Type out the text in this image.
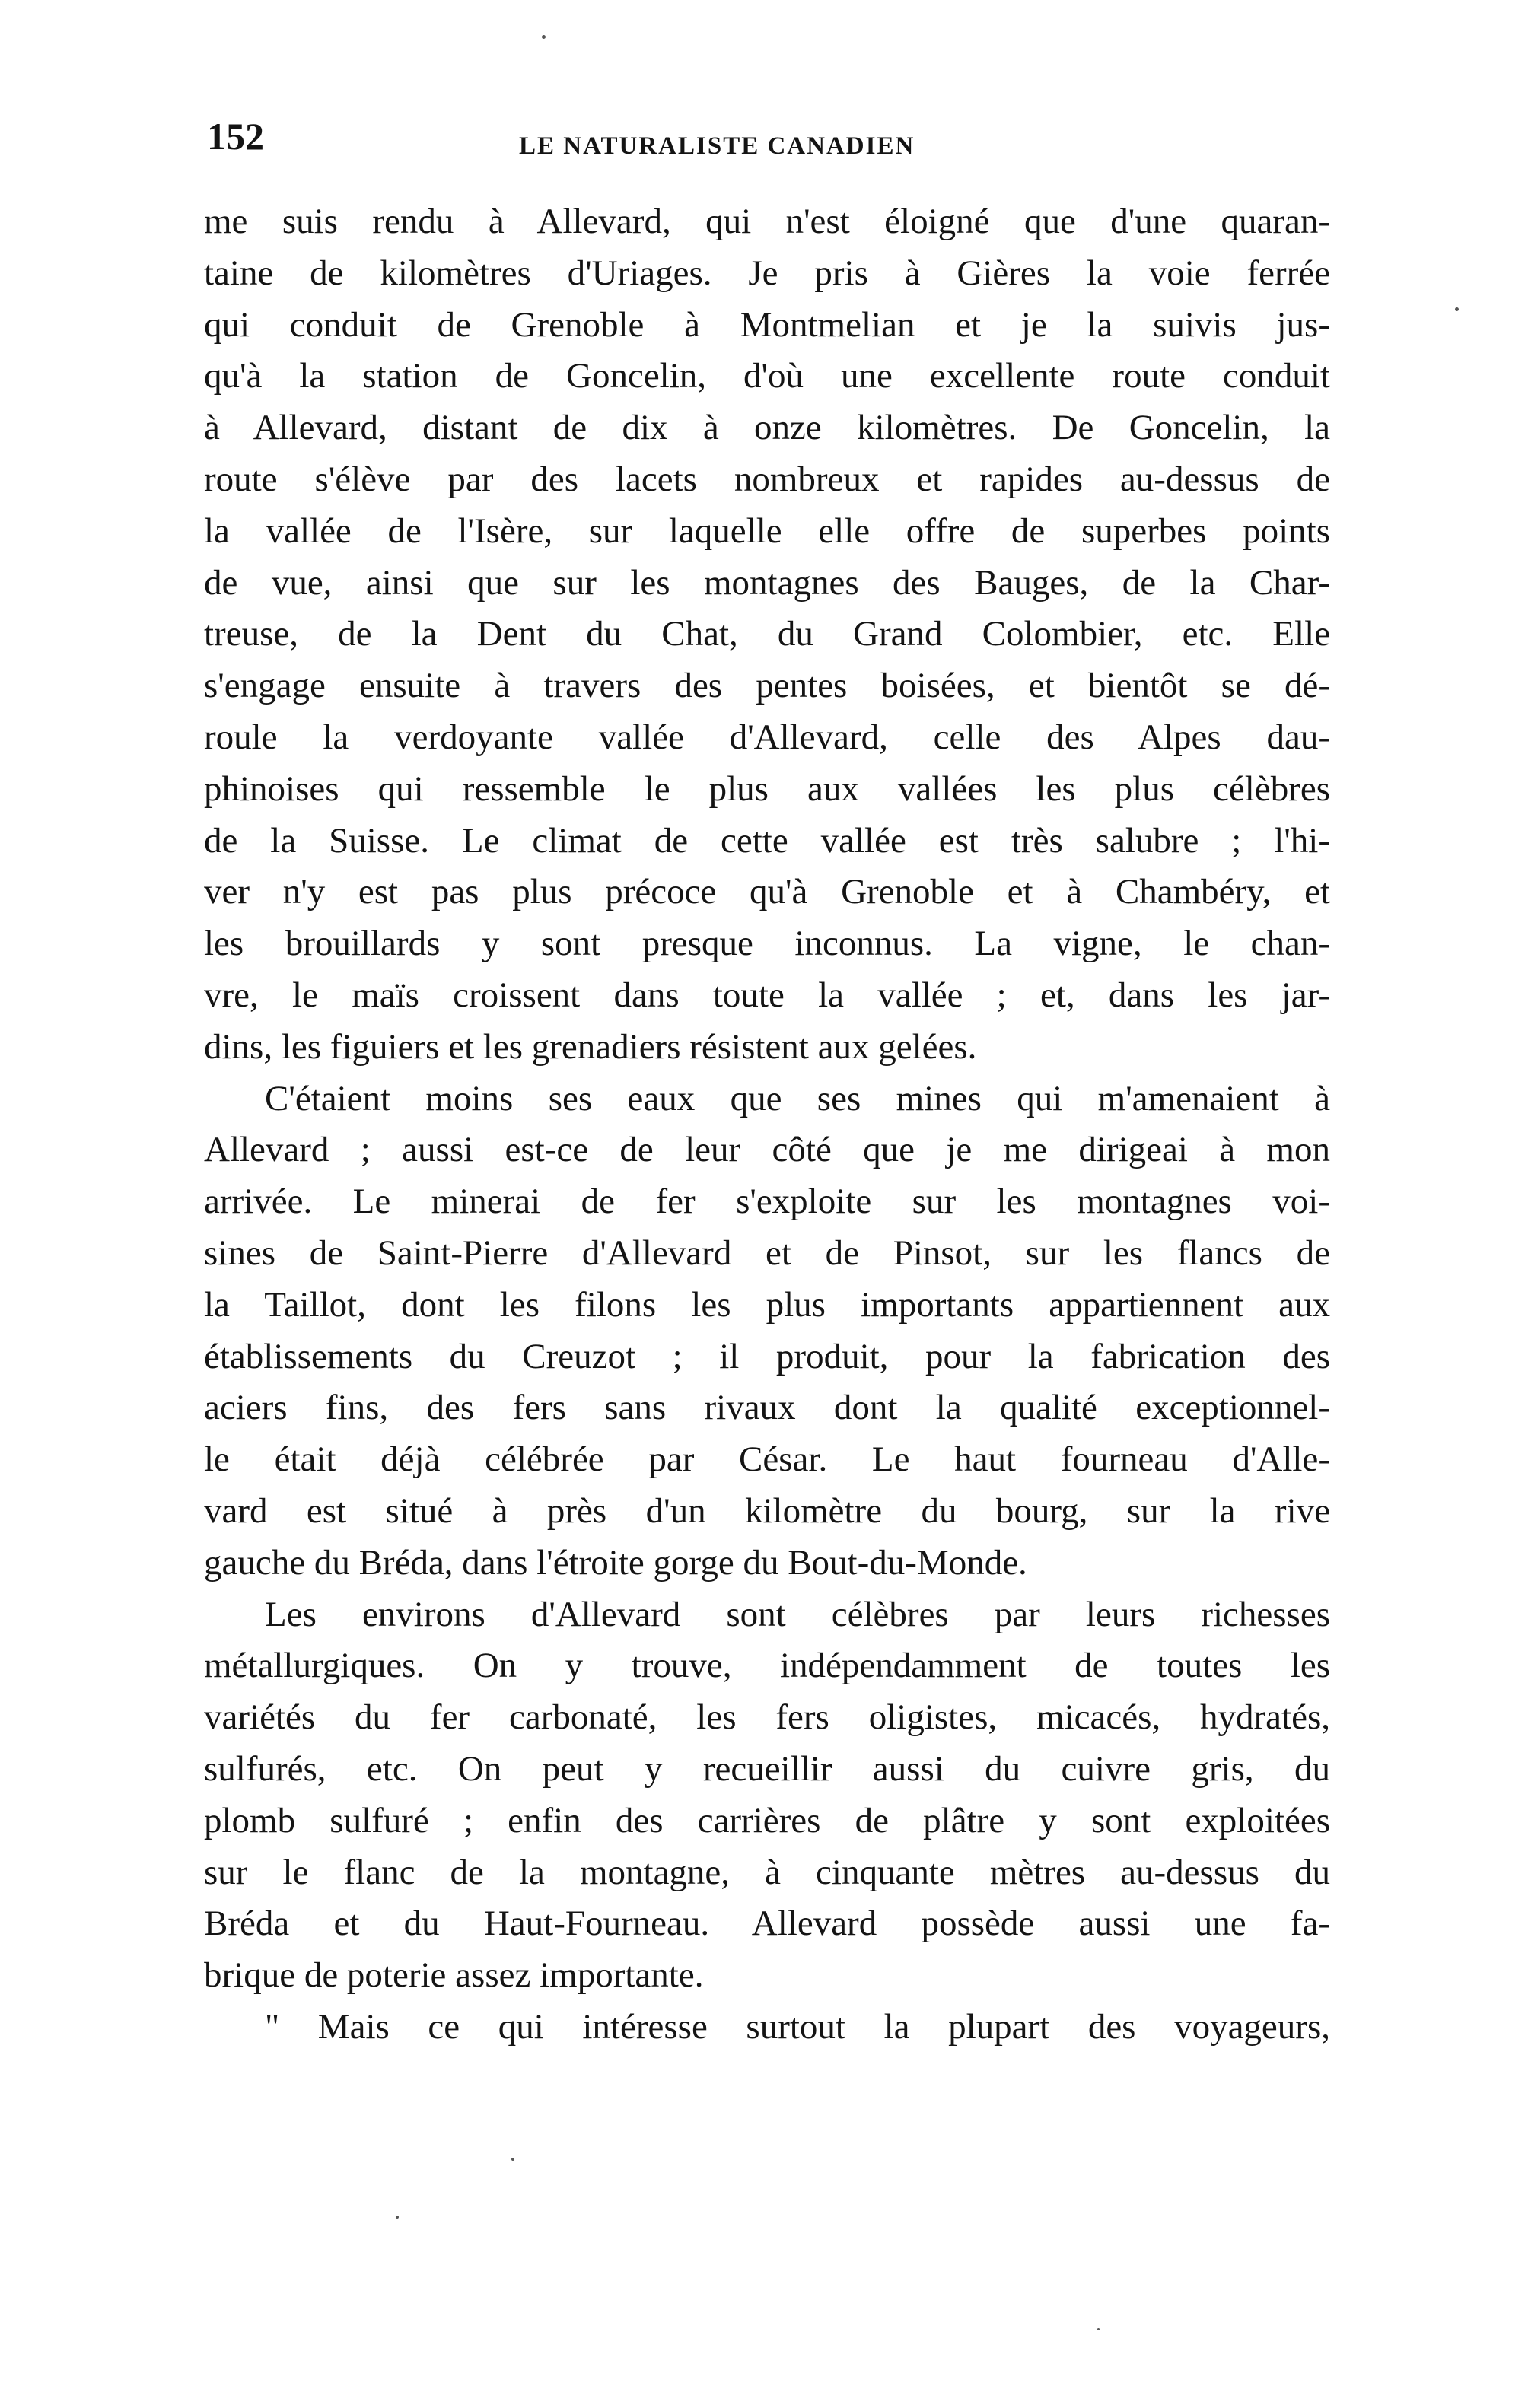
152	LE NATURALISTE CANADIEN
me suis rendu à Allevard, qui n'est éloigné que d'une quaran-
taine de kilomètres d'Uriages. Je pris à Gières la voie ferrée
qui conduit de Grenoble à Montmelian et je la suivis jus-
qu'à la station de Goncelin, d'où une excellente route conduit
à Allevard, distant de dix à onze kilomètres. De Goncelin, la
route s'élève par des lacets nombreux et rapides au-dessus de
la vallée de l'Isère, sur laquelle elle offre de superbes points
de vue, ainsi que sur les montagnes des Bauges, de la Char-
treuse, de la Dent du Chat, du Grand Colombier, etc. Elle
s'engage ensuite à travers des pentes boisées, et bientôt se dé-
roule la verdoyante vallée d'Allevard, celle des Alpes dau-
phinoises qui ressemble le plus aux vallées les plus célèbres
de la Suisse. Le climat de cette vallée est très salubre ; l'hi-
ver n'y est pas plus précoce qu'à Grenoble et à Chambéry, et
les brouillards y sont presque inconnus. La vigne, le chan-
vre, le maïs croissent dans toute la vallée ; et, dans les jar-
dins, les figuiers et les grenadiers résistent aux gelées.
C'étaient moins ses eaux que ses mines qui m'amenaient à
Allevard ; aussi est-ce de leur côté que je me dirigeai à mon
arrivée. Le minerai de fer s'exploite sur les montagnes voi-
sines de Saint-Pierre d'Allevard et de Pinsot, sur les flancs de
la Taillot, dont les filons les plus importants appartiennent aux
établissements du Creuzot ; il produit, pour la fabrication des
aciers fins, des fers sans rivaux dont la qualité exceptionnel-
le était déjà célébrée par César. Le haut fourneau d'Alle-
vard est situé à près d'un kilomètre du bourg, sur la rive
gauche du Bréda, dans l'étroite gorge du Bout-du-Monde.
Les environs d'Allevard sont célèbres par leurs richesses
métallurgiques. On y trouve, indépendamment de toutes les
variétés du fer carbonaté, les fers oligistes, micacés, hydratés,
sulfurés, etc. On peut y recueillir aussi du cuivre gris, du
plomb sulfuré ; enfin des carrières de plâtre y sont exploitées
sur le flanc de la montagne, à cinquante mètres au-dessus du
Bréda et du Haut-Fourneau. Allevard possède aussi une fa-
brique de poterie assez importante.
" Mais ce qui intéresse surtout la plupart des voyageurs,
